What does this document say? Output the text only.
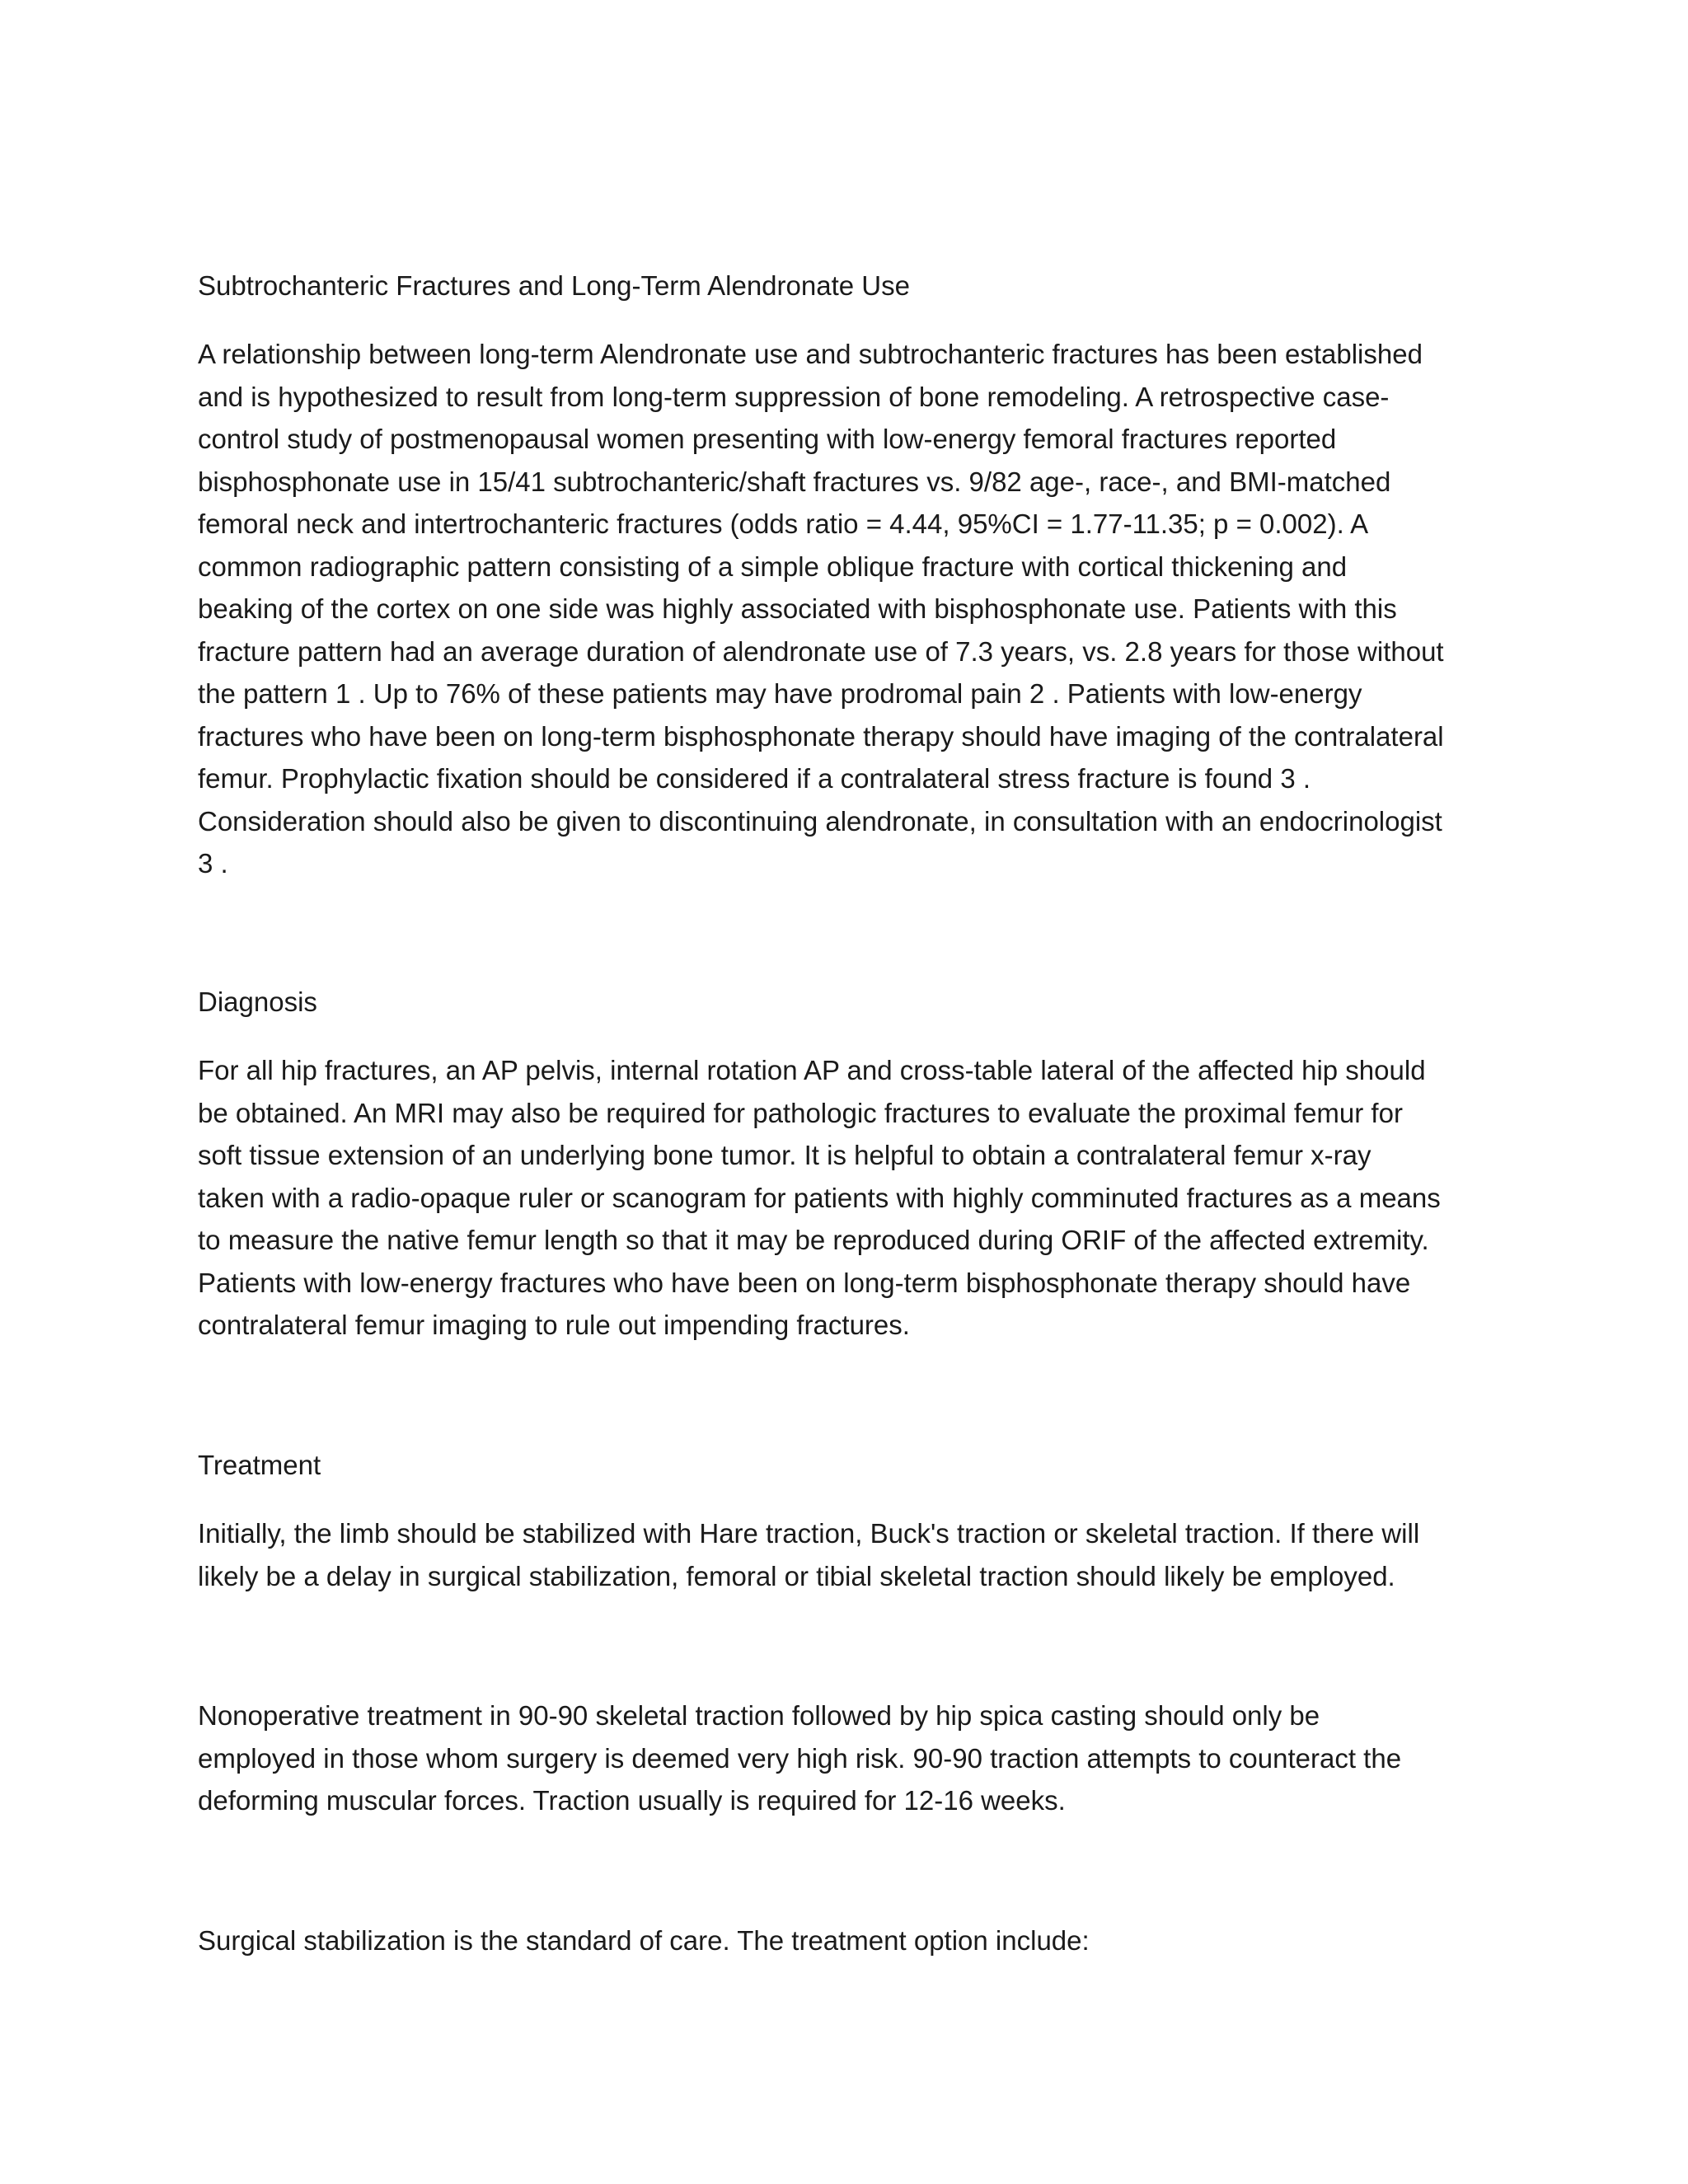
Subtrochanteric Fractures and Long-Term Alendronate Use

A relationship between long-term Alendronate use and subtrochanteric fractures has been established
and is hypothesized to result from long-term suppression of bone remodeling. A retrospective case-
control study of postmenopausal women presenting with low-energy femoral fractures reported
bisphosphonate use in 15/41 subtrochanteric/shaft fractures vs. 9/82 age-, race-, and BMI-matched
femoral neck and intertrochanteric fractures (odds ratio = 4.44, 95%CI = 1.77-11.35; p = 0.002). A
common radiographic pattern consisting of a simple oblique fracture with cortical thickening and
beaking of the cortex on one side was highly associated with bisphosphonate use. Patients with this
fracture pattern had an average duration of alendronate use of 7.3 years, vs. 2.8 years for those without
the pattern 1 . Up to 76% of these patients may have prodromal pain 2 . Patients with low-energy
fractures who have been on long-term bisphosphonate therapy should have imaging of the contralateral
femur. Prophylactic fixation should be considered if a contralateral stress fracture is found 3 .
Consideration should also be given to discontinuing alendronate, in consultation with an endocrinologist
3 .

Diagnosis

For all hip fractures, an AP pelvis, internal rotation AP and cross-table lateral of the affected hip should
be obtained. An MRI may also be required for pathologic fractures to evaluate the proximal femur for
soft tissue extension of an underlying bone tumor. It is helpful to obtain a contralateral femur x-ray
taken with a radio-opaque ruler or scanogram for patients with highly comminuted fractures as a means
to measure the native femur length so that it may be reproduced during ORIF of the affected extremity.
Patients with low-energy fractures who have been on long-term bisphosphonate therapy should have
contralateral femur imaging to rule out impending fractures.

Treatment

Initially, the limb should be stabilized with Hare traction, Buck's traction or skeletal traction. If there will
likely be a delay in surgical stabilization, femoral or tibial skeletal traction should likely be employed.
Nonoperative treatment in 90-90 skeletal traction followed by hip spica casting should only be
employed in those whom surgery is deemed very high risk. 90-90 traction attempts to counteract the
deforming muscular forces. Traction usually is required for 12-16 weeks.

Surgical stabilization is the standard of care. The treatment option include:
